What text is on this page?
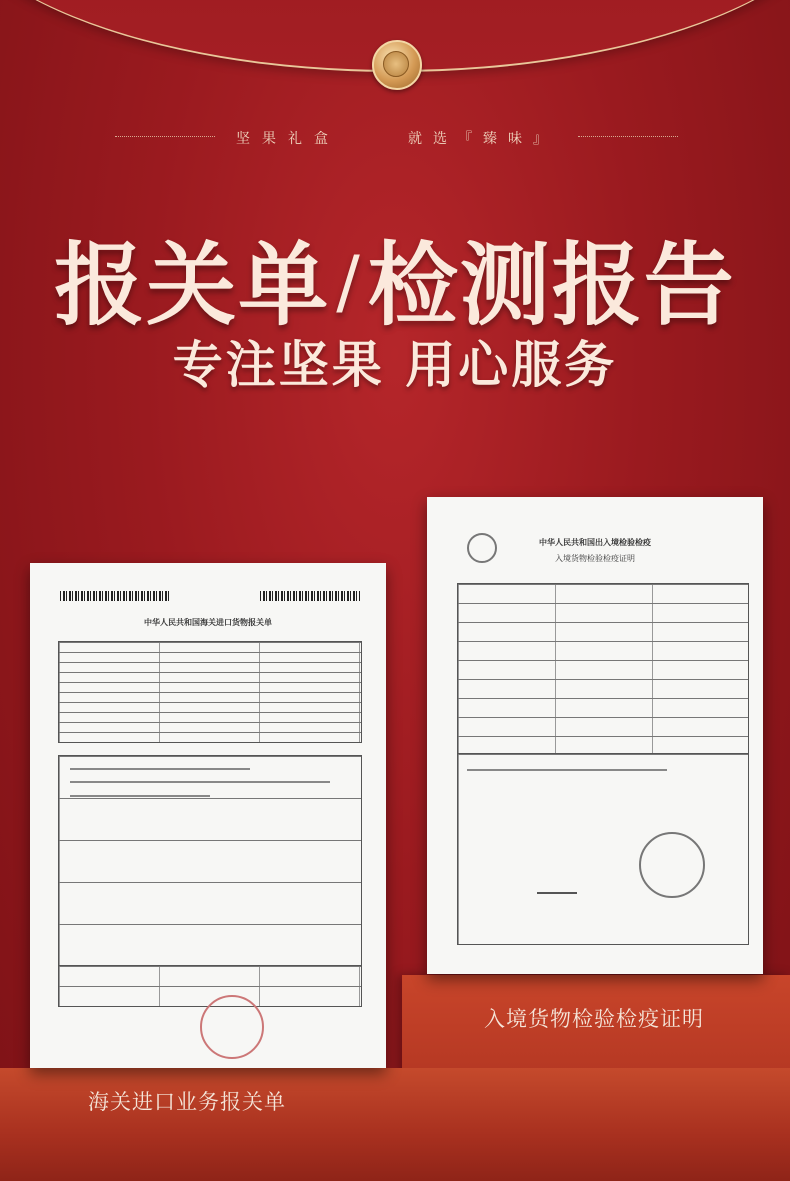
坚果礼盒	就选『臻味』
报关单/检测报告
专注坚果 用心服务
中华人民共和国海关进口货物报关单
中华人民共和国出入境检验检疫
入境货物检验检疫证明
海关进口业务报关单
入境货物检验检疫证明
